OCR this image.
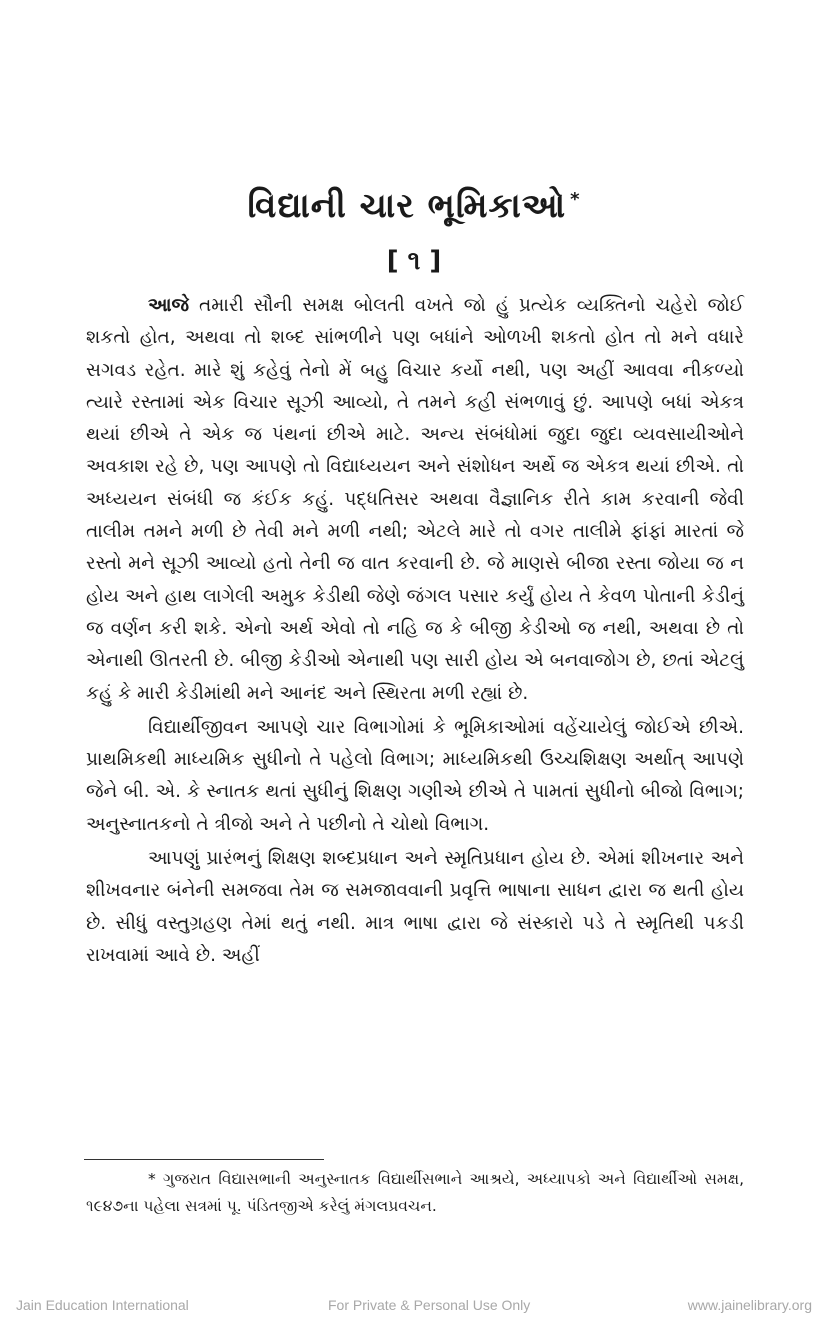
વિદ્યાની ચાર ભૂમિકાઓ *
[ ૧ ]

આજે તમારી સૌની સમક્ષ બોલતી વખતે જો હું પ્રત્યેક વ્યક્તિનો ચહેરો જોઈ શકતો હોત, અથવા તો શબ્દ સાંભળીને પણ બધાંને ઓળખી શકતો હોત તો મને વધારે સગવડ રહેત. મારે શું કહેવું તેનો મેં બહુ વિચાર કર્યો નથી, પણ અહીં આવવા નીકળ્યો ત્યારે રસ્તામાં એક વિચાર સૂઝી આવ્યો, તે તમને કહી સંભળાવું છું. આપણે બધાં એકત્ર થયાં છીએ તે એક જ પંથનાં છીએ માટે. અન્ય સંબંધોમાં જુદા જુદા વ્યવસાયીઓને અવકાશ રહે છે, પણ આપણે તો વિદ્યાધ્યયન અને સંશોધન અર્થે જ એકત્ર થયાં છીએ. તો અધ્યયન સંબંધી જ કંઈક કહું. પદ્ધતિસર અથવા વૈજ્ઞાનિક રીતે કામ કરવાની જેવી તાલીમ તમને મળી છે તેવી મને મળી નથી; એટલે મારે તો વગર તાલીમે ફાંફાં મારતાં જે રસ્તો મને સૂઝી આવ્યો હતો તેની જ વાત કરવાની છે. જે માણસે બીજા રસ્તા જોયા જ ન હોય અને હાથ લાગેલી અમુક કેડીથી જેણે જંગલ પસાર કર્યું હોય તે કેવળ પોતાની કેડીનું જ વર્ણન કરી શકે. એનો અર્થ એવો તો નહિ જ કે બીજી કેડીઓ જ નથી, અથવા છે તો એનાથી ઊતરતી છે. બીજી કેડીઓ એનાથી પણ સારી હોય એ બનવાજોગ છે, છતાં એટલું કહું કે મારી કેડીમાંથી મને આનંદ અને સ્થિરતા મળી રહ્યાં છે.

વિદ્યાર્થીજીવન આપણે ચાર વિભાગોમાં કે ભૂમિકાઓમાં વહેંચાયેલું જોઈએ છીએ. પ્રાથમિકથી માધ્યમિક સુધીનો તે પહેલો વિભાગ; માધ્યમિકથી ઉચ્ચશિક્ષણ અર્થાત્ આપણે જેને બી. એ. કે સ્નાતક થતાં સુધીનું શિક્ષણ ગણીએ છીએ તે પામતાં સુધીનો બીજો વિભાગ; અનુસ્નાતકનો તે ત્રીજો અને તે પછીનો તે ચોથો વિભાગ.

આપણું પ્રારંભનું શિક્ષણ શબ્દપ્રધાન અને સ્મૃતિપ્રધાન હોય છે. એમાં શીખનાર અને શીખવનાર બંનેની સમજવા તેમ જ સમજાવવાની પ્રવૃત્તિ ભાષાના સાધન દ્વારા જ થતી હોય છે. સીધું વસ્તુગ્રહણ તેમાં થતું નથી. માત્ર ભાષા દ્વારા જે સંસ્કારો પડે તે સ્મૃતિથી પકડી રાખવામાં આવે છે. અહીં

* ગુજરાત વિદ્યાસભાની અનુસ્નાતક વિદ્યાર્થીસભાને આશ્રયે, અધ્યાપકો અને વિદ્યાર્થીઓ સમક્ષ, ૧૯૪૭ના પહેલા સત્રમાં પૂ. પંડિતજીએ કરેલું મંગલપ્રવચન.

Jain Education International	For Private & Personal Use Only	www.jainelibrary.org
